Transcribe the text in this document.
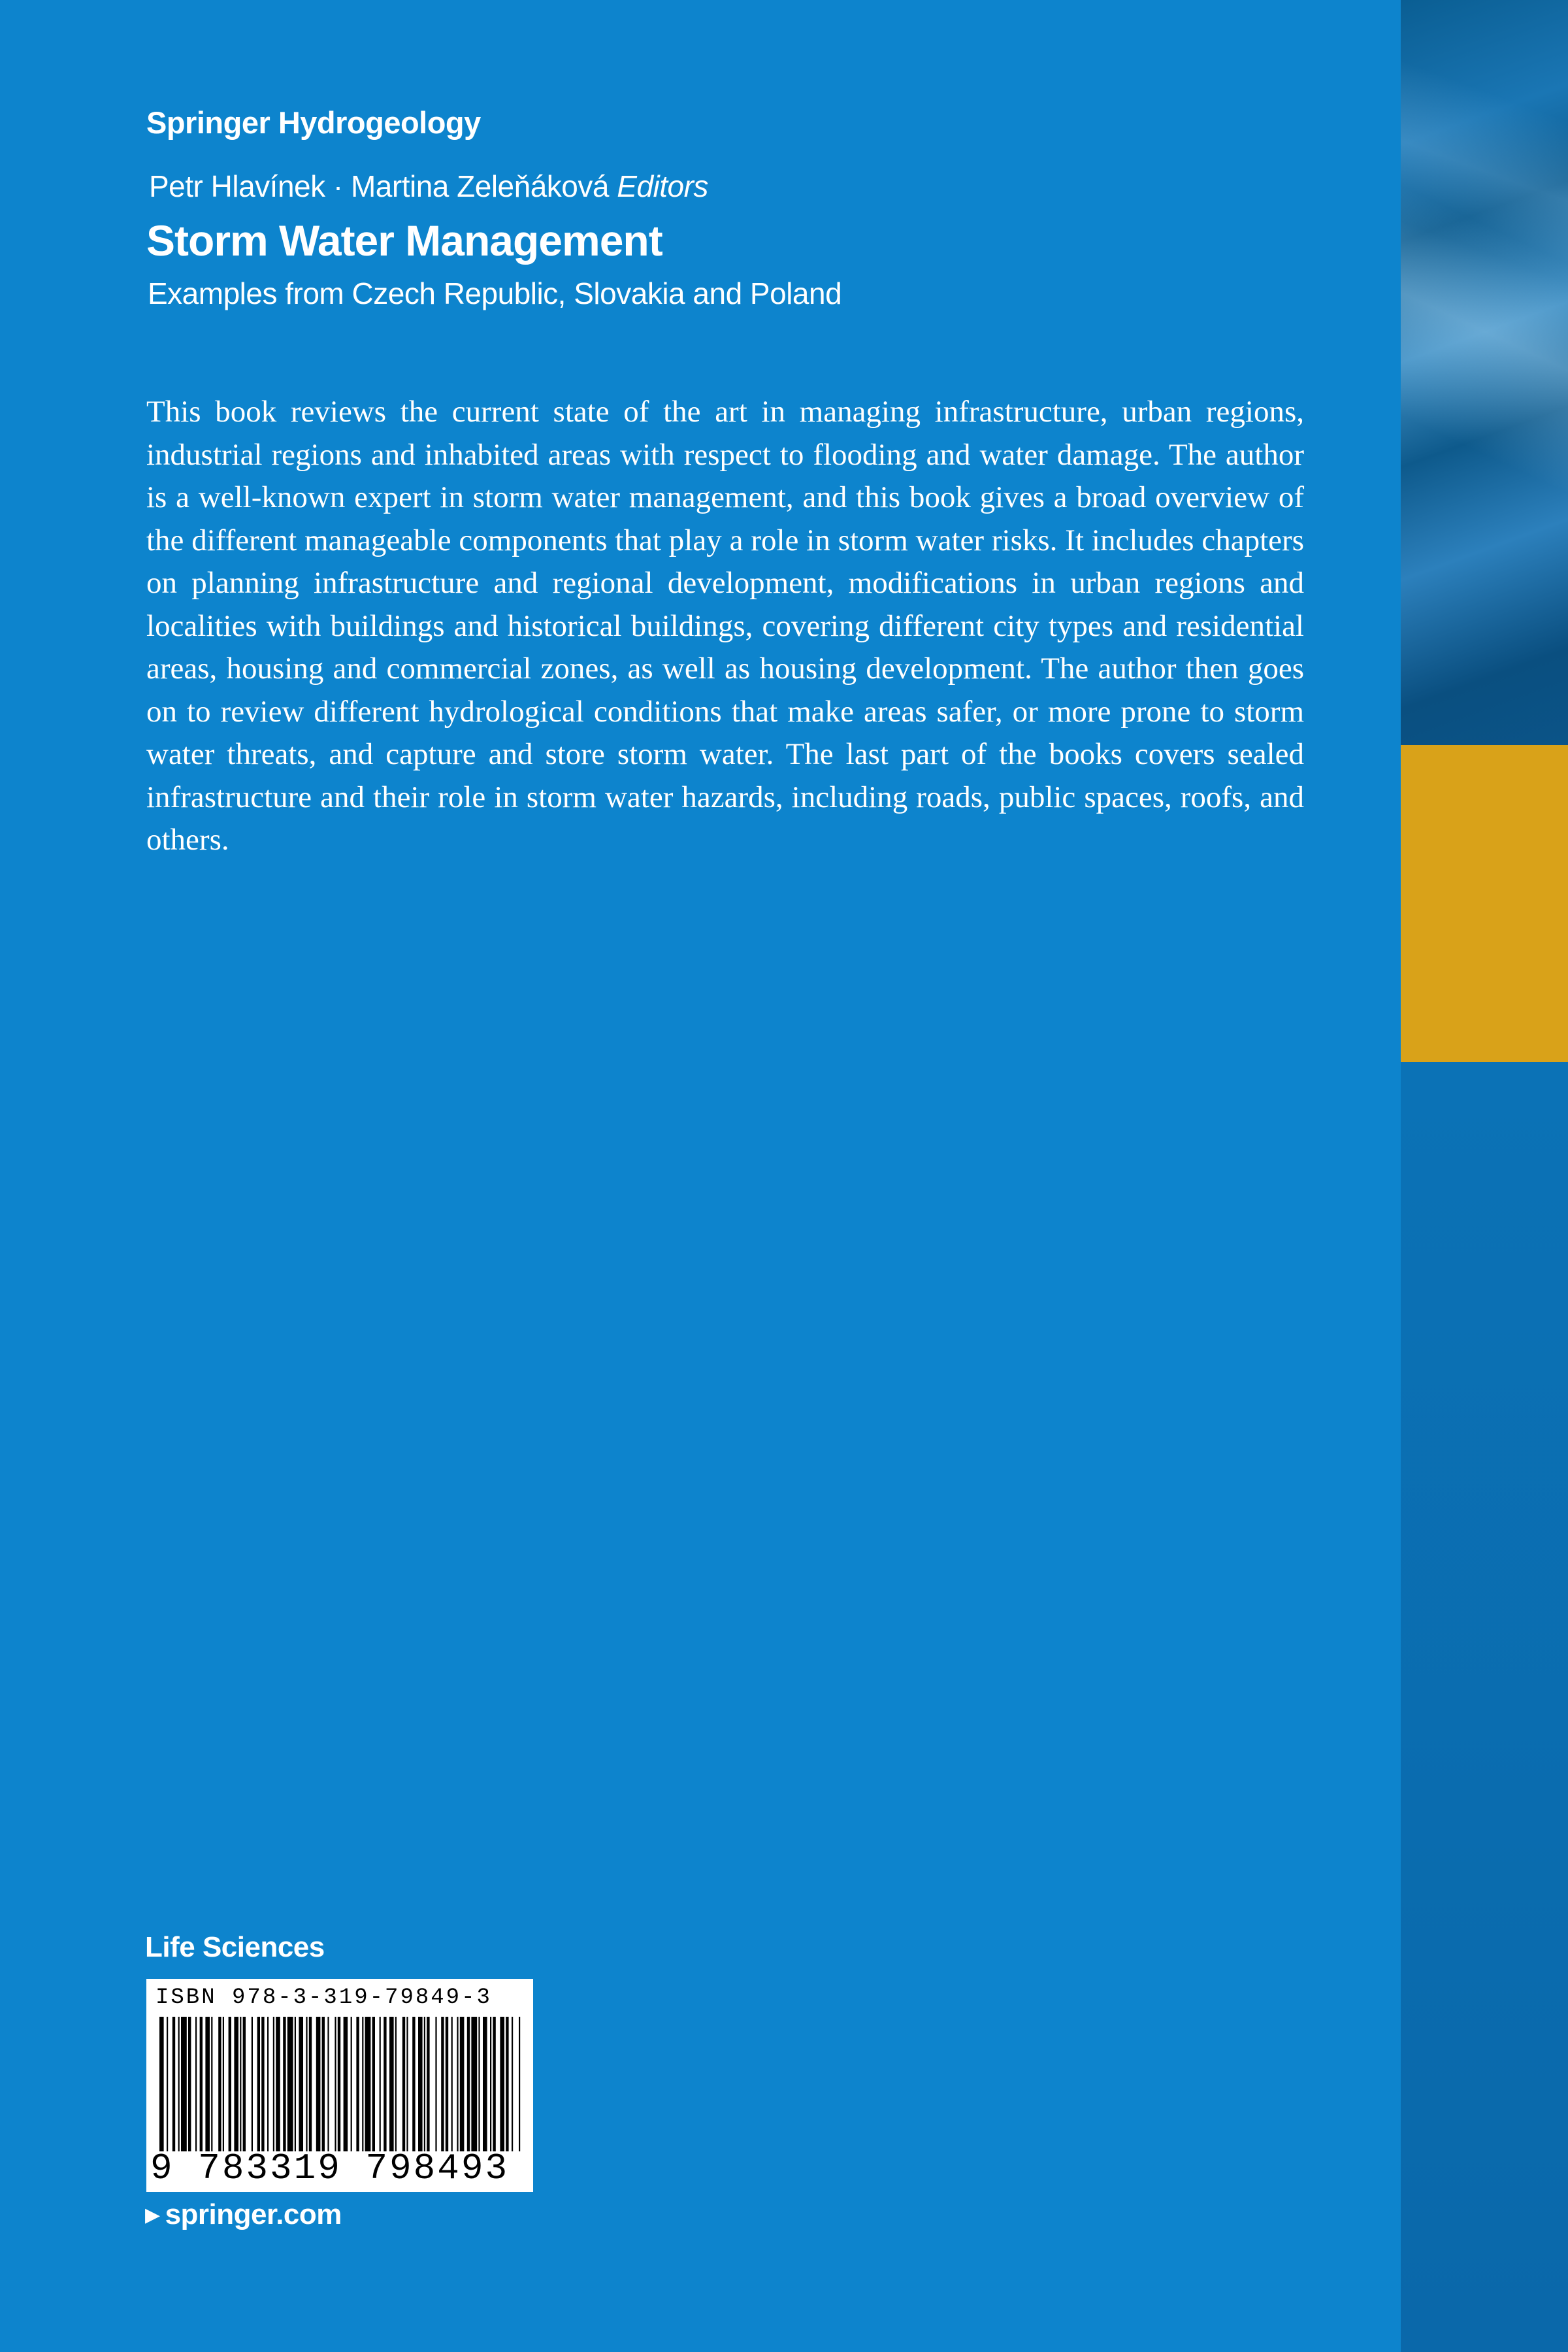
Springer Hydrogeology
Petr Hlavínek · Martina Zeleňáková Editors
Storm Water Management
Examples from Czech Republic, Slovakia and Poland

This book reviews the current state of the art in managing infrastructure, urban regions, industrial regions and inhabited areas with respect to flooding and water damage. The author is a well-known expert in storm water management, and this book gives a broad overview of the different manageable components that play a role in storm water risks. It includes chapters on planning infrastructure and regional development, modifications in urban regions and localities with buildings and historical buildings, covering different city types and residential areas, housing and commercial zones, as well as housing development. The author then goes on to review different hydrological conditions that make areas safer, or more prone to storm water threats, and capture and store storm water. The last part of the books covers sealed infrastructure and their role in storm water hazards, including roads, public spaces, roofs, and others.

Life Sciences
ISBN 978-3-319-79849-3
9 783319 798493
▶ springer.com
